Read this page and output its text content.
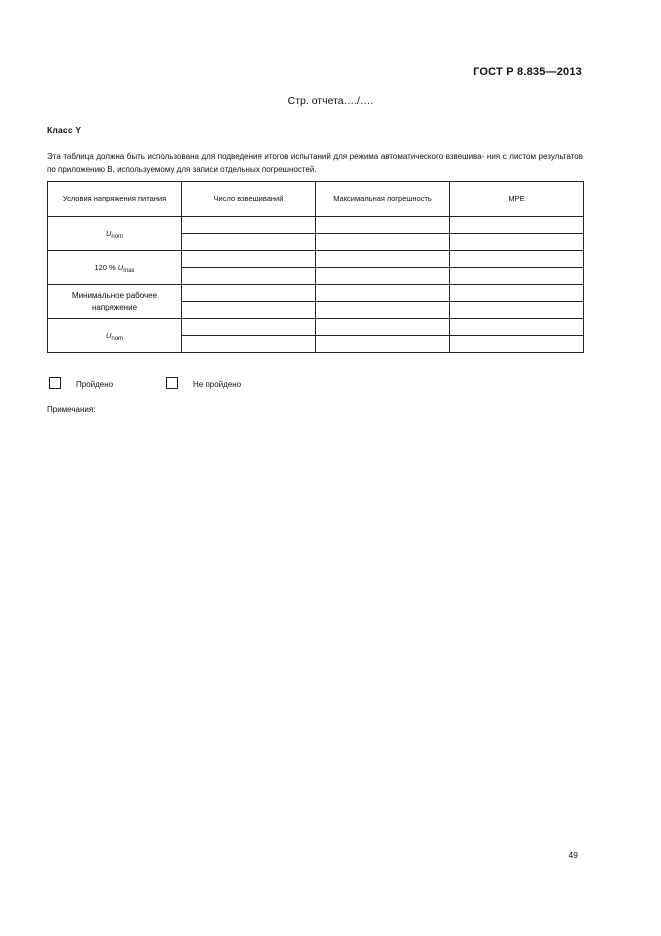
ГОСТ Р 8.835—2013
Стр. отчета…./….
Класс Y
Эта таблица должна быть использована для подведения итогов испытаний для режима автоматического взвешива- ния с листом результатов по приложению В, используемому для записи отдельных погрешностей.
Условия напряжения питания	Число взвешиваний	Максимальная погрешность	MPE
$U_{nom}$			

120 % $U_{max}$			

Минимальное рабочее напряжение			

$U_{nom}$			

Пройдено	Не пройдено
Примечания:
49
